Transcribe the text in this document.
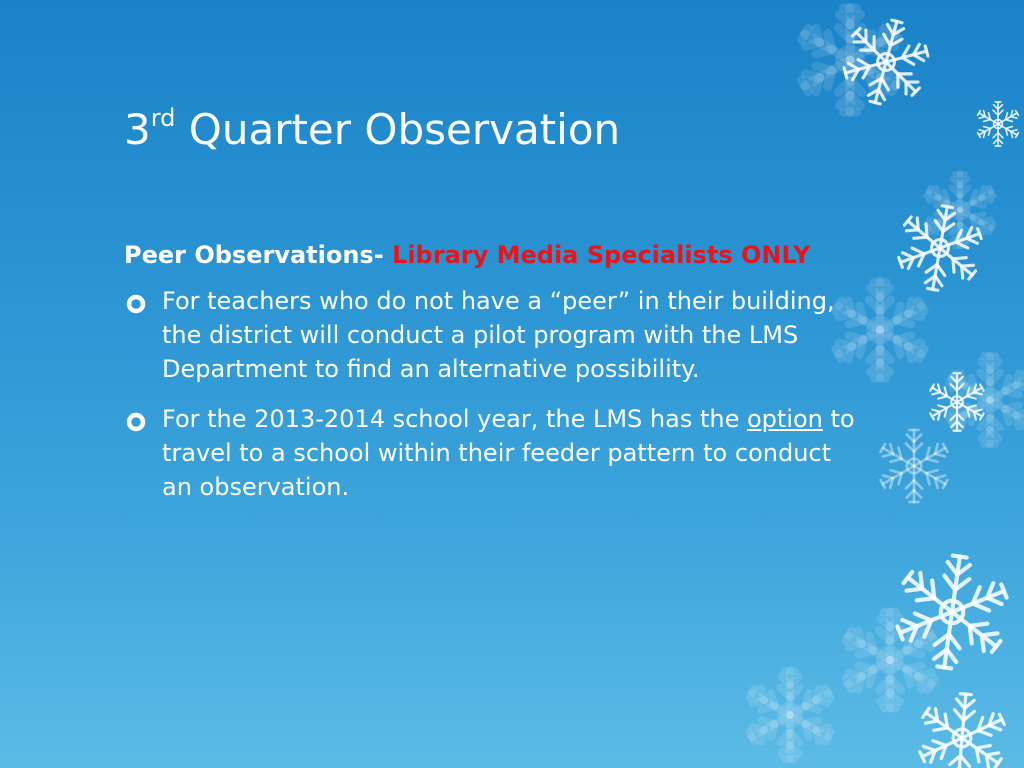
3rd Quarter Observation

Peer Observations- Library Media Specialists ONLY

For teachers who do not have a “peer” in their building, the district will conduct a pilot program with the LMS Department to find an alternative possibility.
For the 2013-2014 school year, the LMS has the option to travel to a school within their feeder pattern to conduct an observation.
